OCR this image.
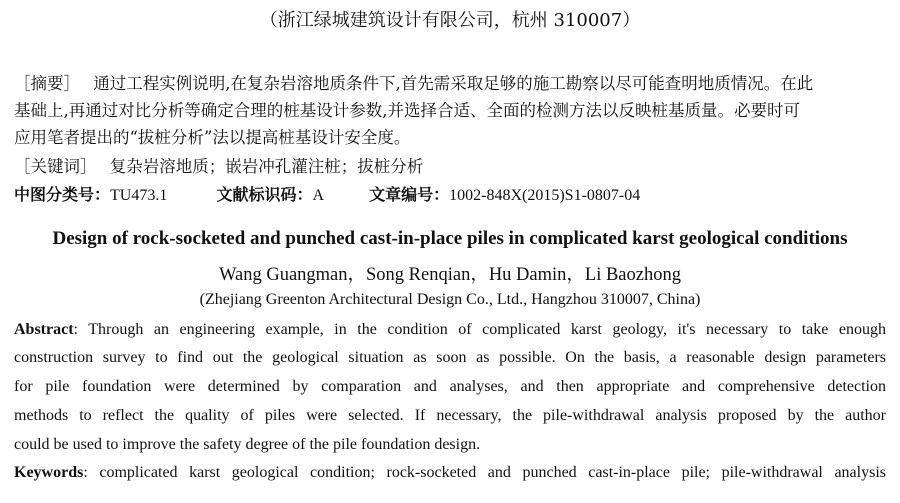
（浙江绿城建筑设计有限公司，杭州 310007）
［摘要］ 通过工程实例说明,在复杂岩溶地质条件下,首先需采取足够的施工勘察以尽可能查明地质情况。在此
基础上,再通过对比分析等确定合理的桩基设计参数,并选择合适、全面的检测方法以反映桩基质量。必要时可
应用笔者提出的“拔桩分析”法以提高桩基设计安全度。
［关键词］ 复杂岩溶地质；嵌岩冲孔灌注桩；拔桩分析
中图分类号：TU473.1	文献标识码：A	文章编号：1002-848X(2015)S1-0807-04
Design of rock-socketed and punched cast-in-place piles in complicated karst geological conditions
Wang Guangman，Song Renqian，Hu Damin，Li Baozhong
(Zhejiang Greenton Architectural Design Co., Ltd., Hangzhou 310007, China)
Abstract: Through an engineering example, in the condition of complicated karst geology, it's necessary to take enough
construction survey to find out the geological situation as soon as possible. On the basis, a reasonable design parameters
for pile foundation were determined by comparation and analyses, and then appropriate and comprehensive detection
methods to reflect the quality of piles were selected. If necessary, the pile-withdrawal analysis proposed by the author
could be used to improve the safety degree of the pile foundation design.
Keywords: complicated karst geological condition; rock-socketed and punched cast-in-place pile; pile-withdrawal analysis
